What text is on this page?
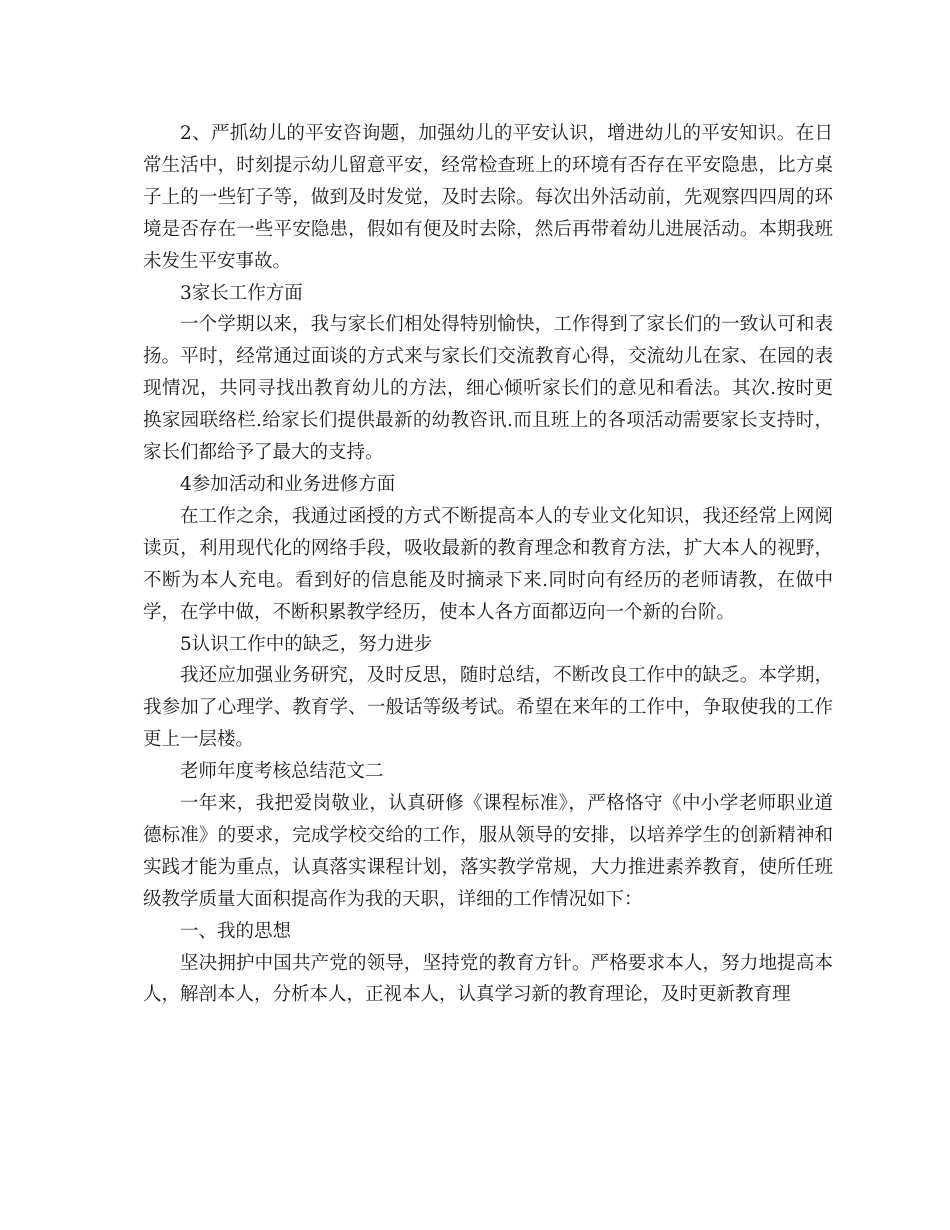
2、严抓幼儿的平安咨询题，加强幼儿的平安认识，增进幼儿的平安知识。在日常生活中，时刻提示幼儿留意平安，经常检查班上的环境有否存在平安隐患，比方桌子上的一些钉子等，做到及时发觉，及时去除。每次出外活动前，先观察四四周的环境是否存在一些平安隐患，假如有便及时去除，然后再带着幼儿进展活动。本期我班未发生平安事故。

3家长工作方面

一个学期以来，我与家长们相处得特别愉快，工作得到了家长们的一致认可和表扬。平时，经常通过面谈的方式来与家长们交流教育心得，交流幼儿在家、在园的表现情况，共同寻找出教育幼儿的方法，细心倾听家长们的意见和看法。其次.按时更换家园联络栏.给家长们提供最新的幼教咨讯.而且班上的各项活动需要家长支持时，家长们都给予了最大的支持。

4参加活动和业务进修方面

在工作之余，我通过函授的方式不断提高本人的专业文化知识，我还经常上网阅读页，利用现代化的网络手段，吸收最新的教育理念和教育方法，扩大本人的视野，不断为本人充电。看到好的信息能及时摘录下来.同时向有经历的老师请教，在做中学，在学中做，不断积累教学经历，使本人各方面都迈向一个新的台阶。

5认识工作中的缺乏，努力进步

我还应加强业务研究，及时反思，随时总结，不断改良工作中的缺乏。本学期，我参加了心理学、教育学、一般话等级考试。希望在来年的工作中，争取使我的工作更上一层楼。

老师年度考核总结范文二

一年来，我把爱岗敬业，认真研修《课程标准》，严格恪守《中小学老师职业道德标准》的要求，完成学校交给的工作，服从领导的安排，以培养学生的创新精神和实践才能为重点，认真落实课程计划，落实教学常规，大力推进素养教育，使所任班级教学质量大面积提高作为我的天职，详细的工作情况如下：

一、我的思想

坚决拥护中国共产党的领导，坚持党的教育方针。严格要求本人，努力地提高本人，解剖本人，分析本人，正视本人，认真学习新的教育理论，及时更新教育理
